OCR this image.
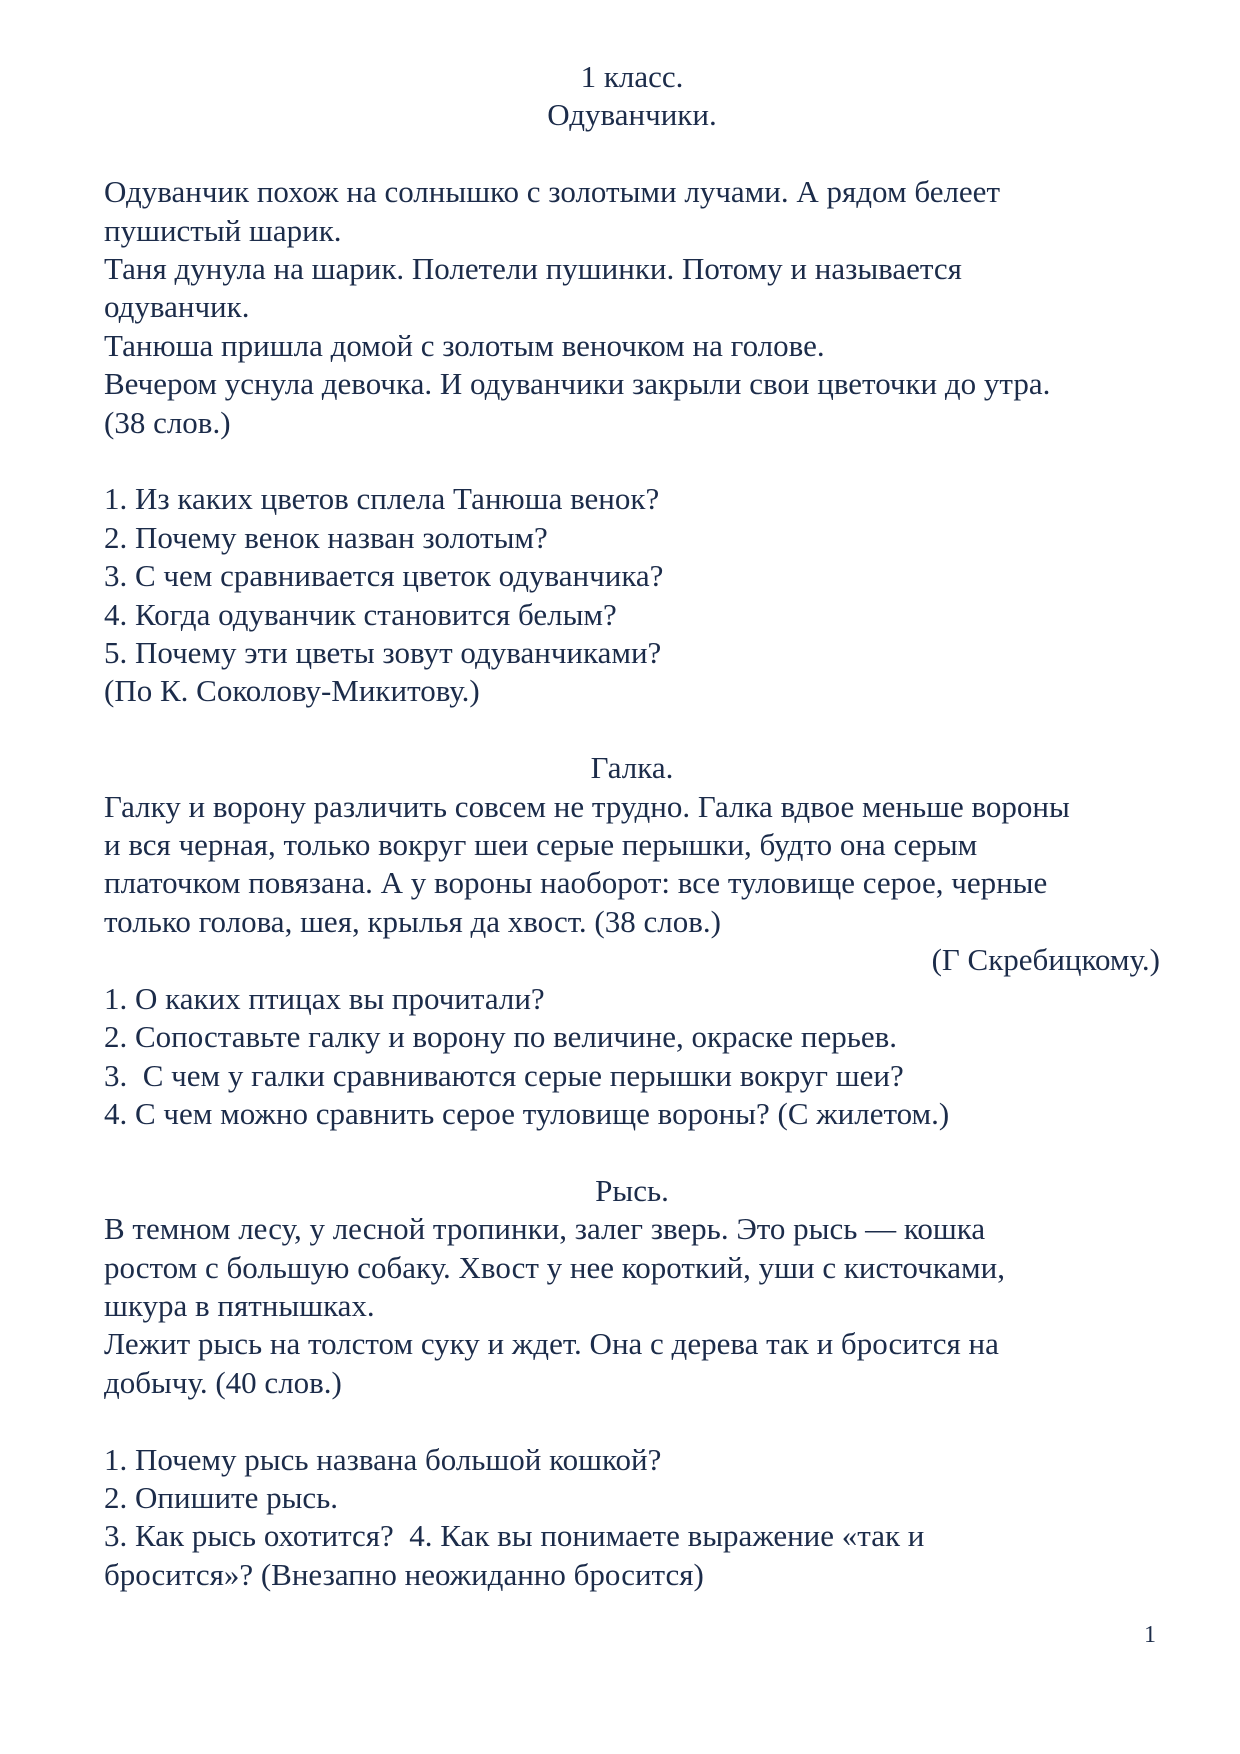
1 класс.

Одуванчики.

Одуванчик похож на солнышко с золотыми лучами. А рядом белеет

пушистый шарик.

Таня дунула на шарик. Полетели пушинки. Потому и называется

одуванчик.

Танюша пришла домой с золотым веночком на голове.

Вечером уснула девочка. И одуванчики закрыли свои цветочки до утра.

(38 слов.)

1. Из каких цветов сплела Танюша венок?

2. Почему венок назван золотым?

3. С чем сравнивается цветок одуванчика?

4. Когда одуванчик становится белым?

5. Почему эти цветы зовут одуванчиками?

(По К. Соколову-Микитову.)

Галка.

Галку и ворону различить совсем не трудно. Галка вдвое меньше вороны

и вся черная, только вокруг шеи серые перышки, будто она серым

платочком повязана. А у вороны наоборот: все туловище серое, черные

только голова, шея, крылья да хвост. (38 слов.)

(Г Скребицкому.)

1. О каких птицах вы прочитали?

2. Сопоставьте галку и ворону по величине, окраске перьев.

3.  С чем у галки сравниваются серые перышки вокруг шеи?

4. С чем можно сравнить серое туловище вороны? (С жилетом.)

Рысь.

В темном лесу, у лесной тропинки, залег зверь. Это рысь — кошка

ростом с большую собаку. Хвост у нее короткий, уши с кисточками,

шкура в пятнышках.

Лежит рысь на толстом суку и ждет. Она с дерева так и бросится на

добычу. (40 слов.)

1. Почему рысь названа большой кошкой?

2. Опишите рысь.

3. Как рысь охотится?  4. Как вы понимаете выражение «так и

бросится»? (Внезапно неожиданно бросится)

1
